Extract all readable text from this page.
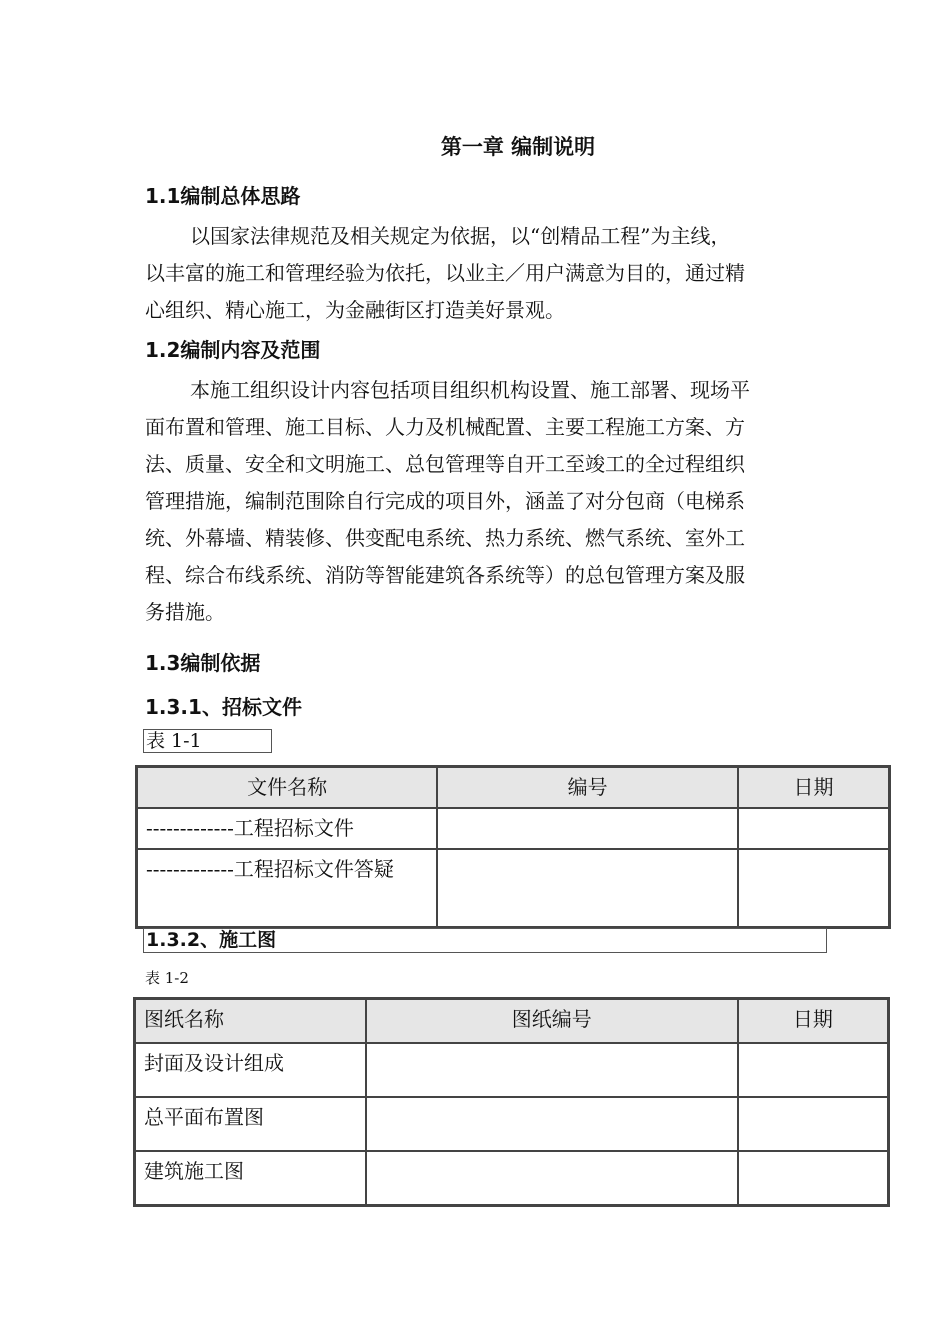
第一章 编制说明
1.1编制总体思路
以国家法律规范及相关规定为依据，以“创精品工程”为主线，
以丰富的施工和管理经验为依托，以业主／用户满意为目的，通过精
心组织、精心施工，为金融街区打造美好景观。
1.2编制内容及范围
本施工组织设计内容包括项目组织机构设置、施工部署、现场平
面布置和管理、施工目标、人力及机械配置、主要工程施工方案、方
法、质量、安全和文明施工、总包管理等自开工至竣工的全过程组织
管理措施，编制范围除自行完成的项目外，涵盖了对分包商（电梯系
统、外幕墙、精装修、供变配电系统、热力系统、燃气系统、室外工
程、综合布线系统、消防等智能建筑各系统等）的总包管理方案及服
务措施。
1.3编制依据
1.3.1、招标文件
表 1-1
文件名称	编号	日期
-------------工程招标文件		
-------------工程招标文件答疑		
1.3.2、施工图
表 1-2
图纸名称	图纸编号	日期
封面及设计组成		
总平面布置图		
建筑施工图		
